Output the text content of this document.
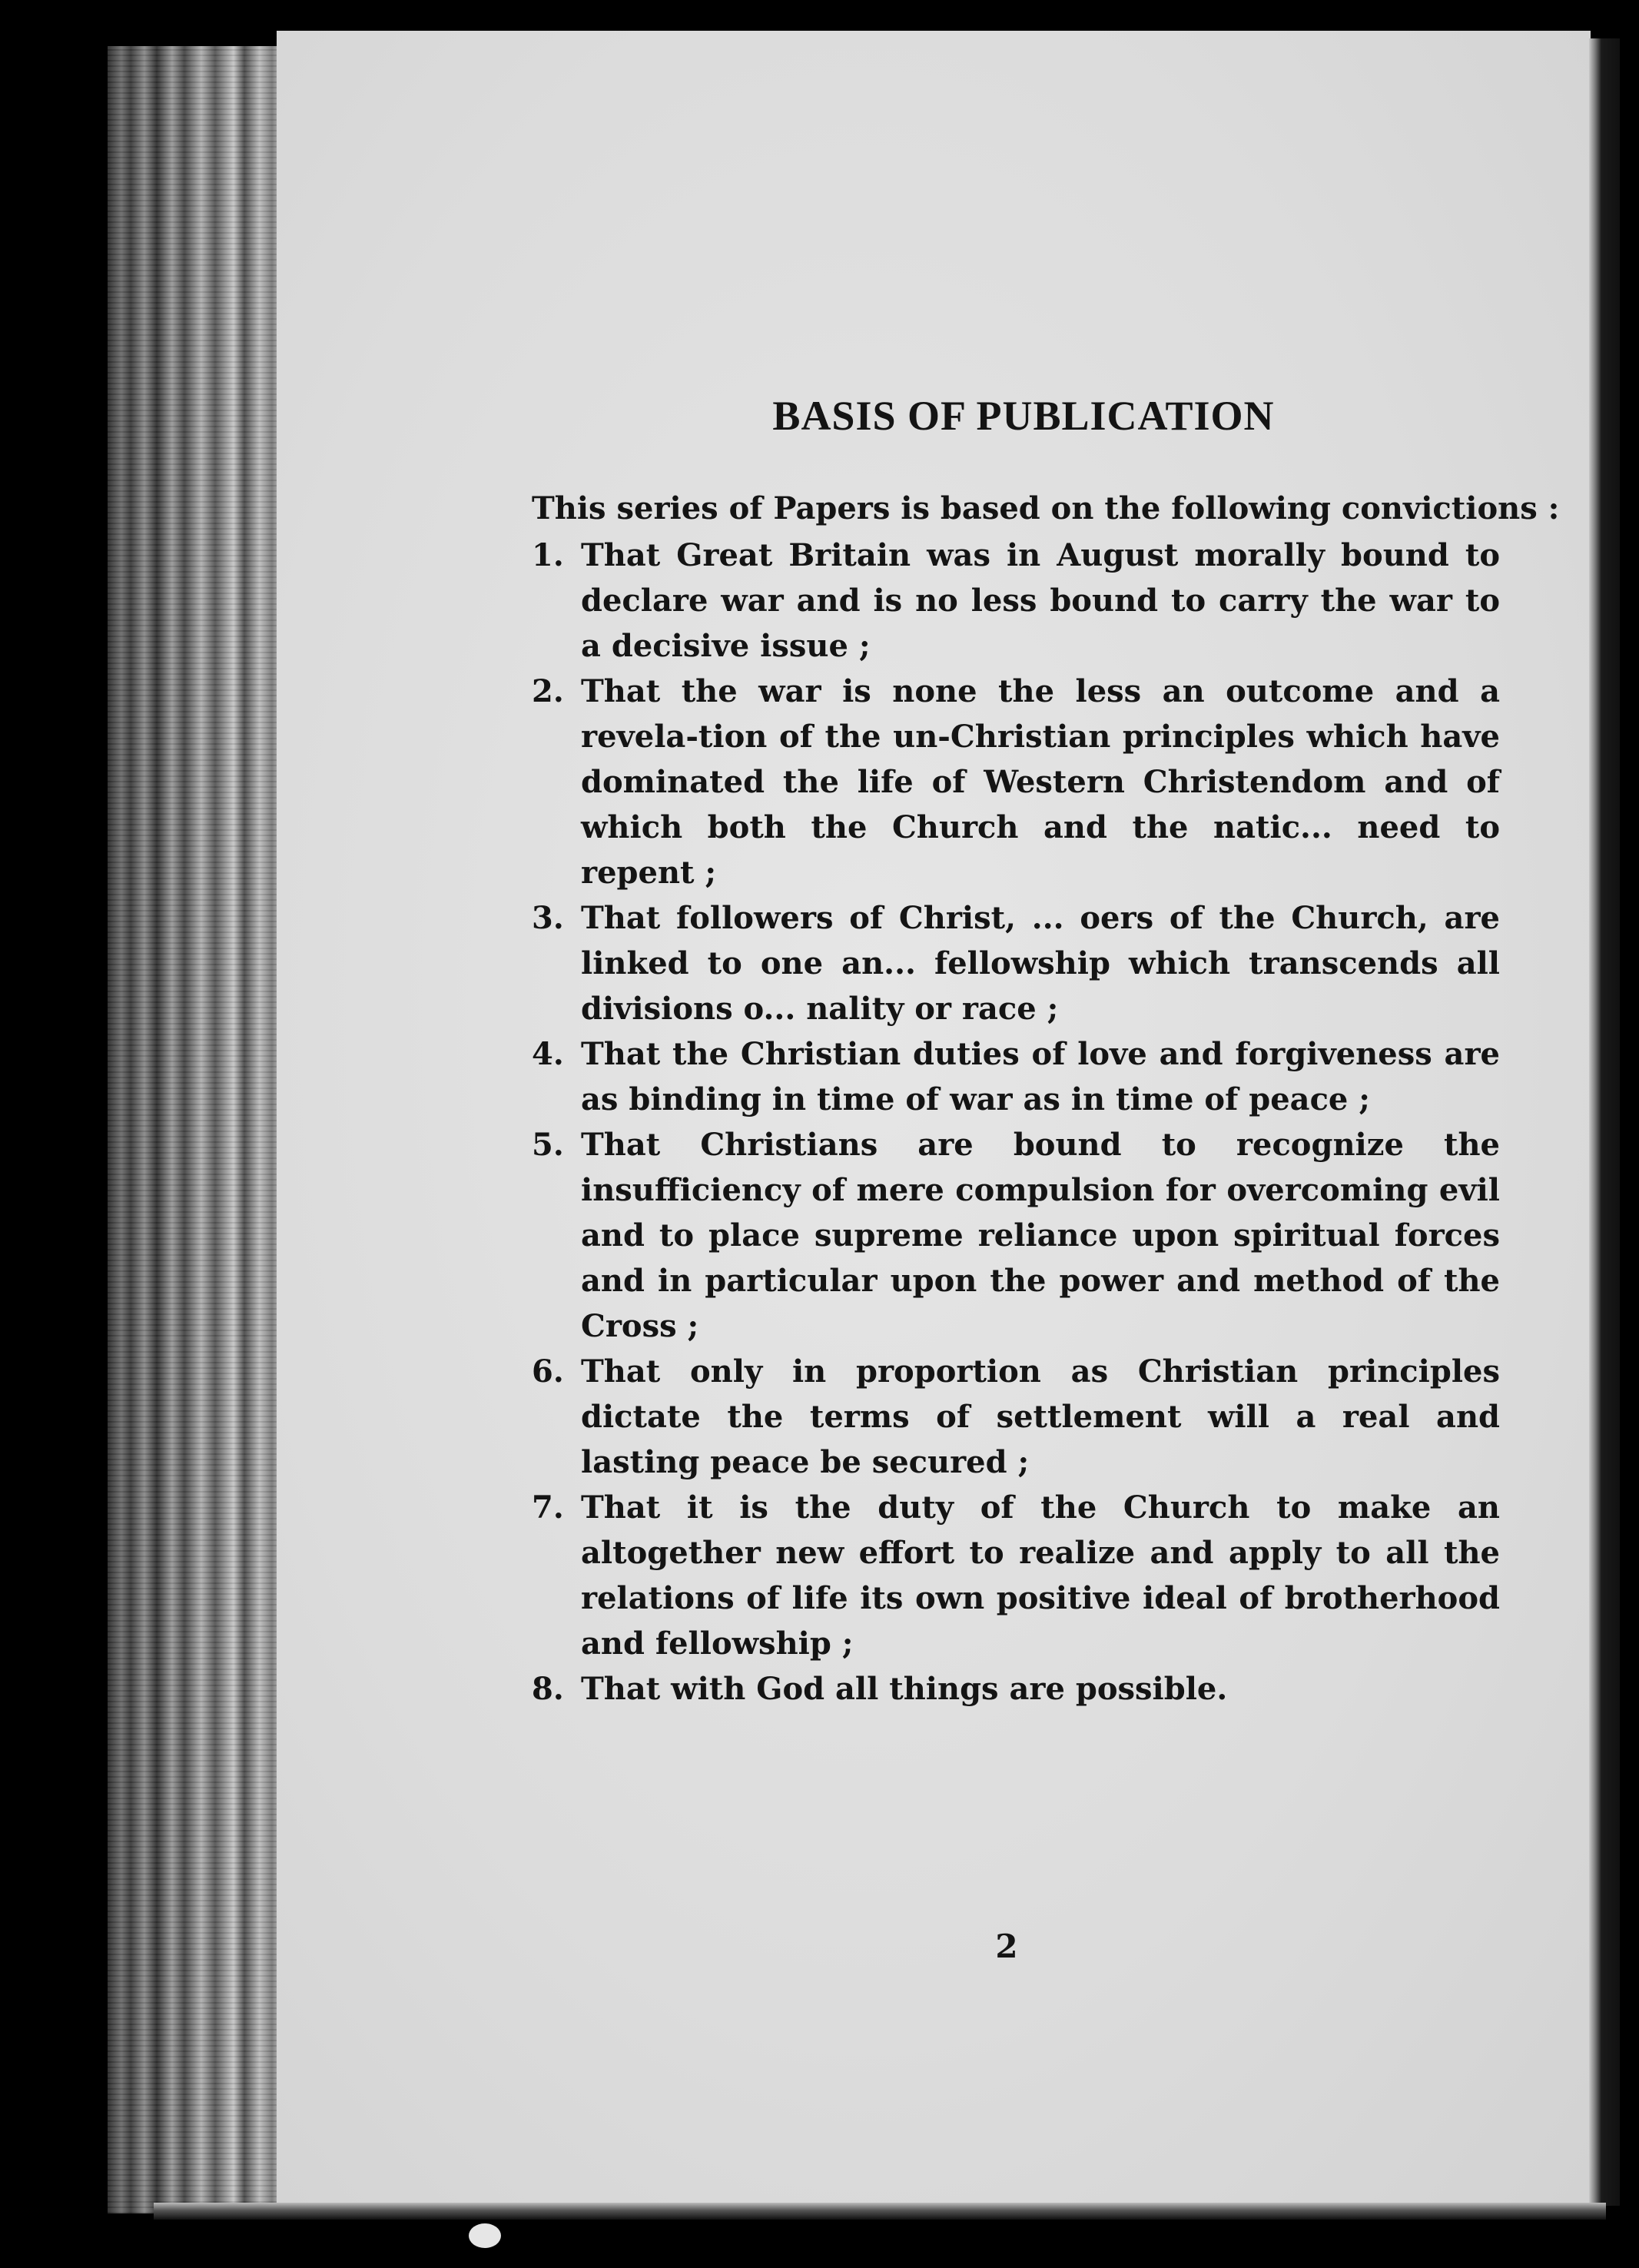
BASIS OF PUBLICATION

This series of Papers is based on the following convictions :

1. That Great Britain was in August morally bound to declare war and is no less bound to carry the war to a decisive issue ;
2. That the war is none the less an outcome and a revela-tion of the un-Christian principles which have dominated the life of Western Christendom and of which both the Church and the natic... need to repent ;
3. That followers of Christ, ... oers of the Church, are linked to one an... fellowship which transcends all divisions o... nality or race ;
4. That the Christian duties of love and forgiveness are as binding in time of war as in time of peace ;
5. That Christians are bound to recognize the insufficiency of mere compulsion for overcoming evil and to place supreme reliance upon spiritual forces and in particular upon the power and method of the Cross ;
6. That only in proportion as Christian principles dictate the terms of settlement will a real and lasting peace be secured ;
7. That it is the duty of the Church to make an altogether new effort to realize and apply to all the relations of life its own positive ideal of brotherhood and fellowship ;
8. That with God all things are possible.
2
